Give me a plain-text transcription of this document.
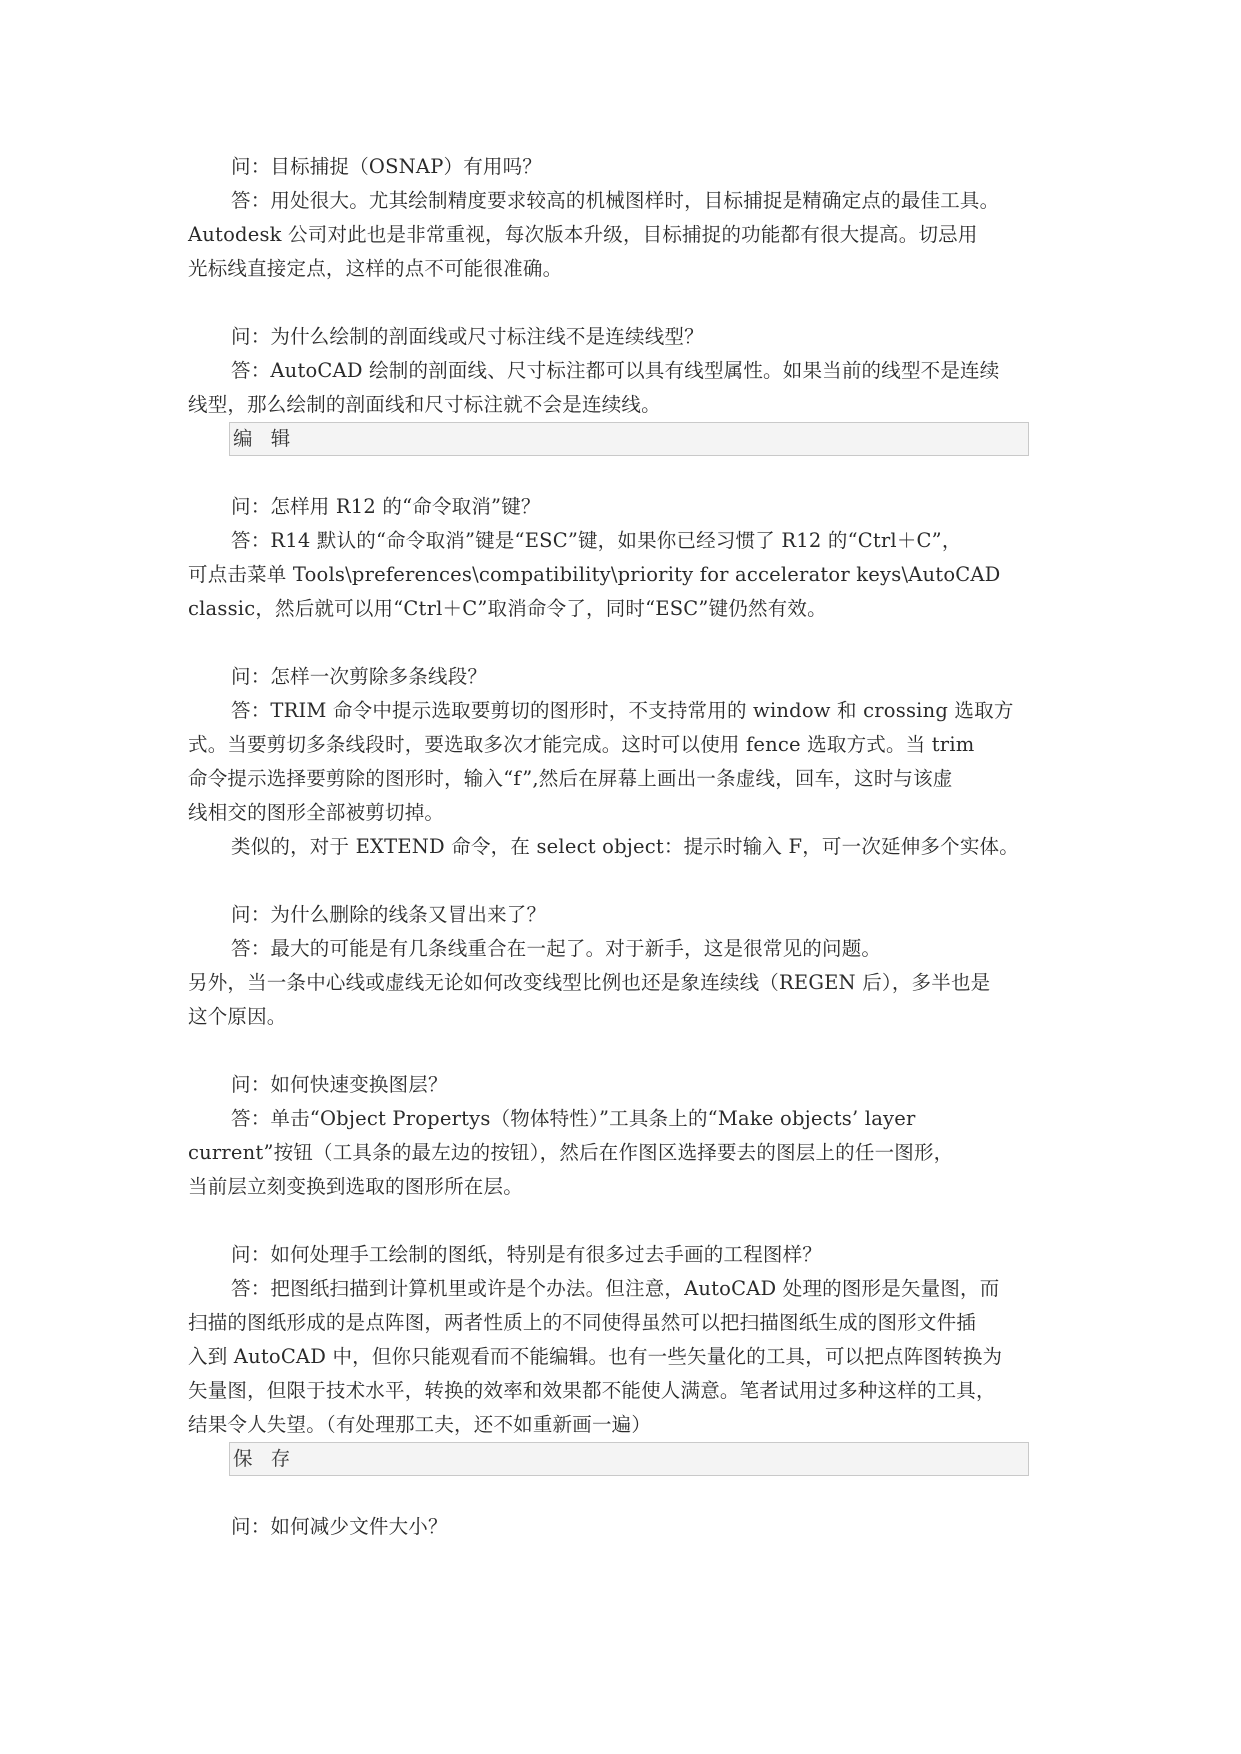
问：目标捕捉（OSNAP）有用吗？
答：用处很大。尤其绘制精度要求较高的机械图样时，目标捕捉是精确定点的最佳工具。
Autodesk 公司对此也是非常重视，每次版本升级，目标捕捉的功能都有很大提高。切忌用
光标线直接定点，这样的点不可能很准确。
问：为什么绘制的剖面线或尺寸标注线不是连续线型？
答：AutoCAD 绘制的剖面线、尺寸标注都可以具有线型属性。如果当前的线型不是连续
线型，那么绘制的剖面线和尺寸标注就不会是连续线。
编 辑
问：怎样用 R12 的“命令取消”键？
答：R14 默认的“命令取消”键是“ESC”键，如果你已经习惯了 R12 的“Ctrl＋C”，
可点击菜单 Tools\preferences\compatibility\priority for accelerator keys\AutoCAD
classic，然后就可以用“Ctrl＋C”取消命令了，同时“ESC”键仍然有效。
问：怎样一次剪除多条线段？
答：TRIM 命令中提示选取要剪切的图形时，不支持常用的 window 和 crossing 选取方
式。当要剪切多条线段时，要选取多次才能完成。这时可以使用 fence 选取方式。当 trim
命令提示选择要剪除的图形时，输入“f”,然后在屏幕上画出一条虚线，回车，这时与该虚
线相交的图形全部被剪切掉。
类似的，对于 EXTEND 命令，在 select object：提示时输入 F，可一次延伸多个实体。
问：为什么删除的线条又冒出来了？
答：最大的可能是有几条线重合在一起了。对于新手，这是很常见的问题。
另外，当一条中心线或虚线无论如何改变线型比例也还是象连续线（REGEN 后），多半也是
这个原因。
问：如何快速变换图层？
答：单击“Object Propertys（物体特性）”工具条上的“Make objects’ layer
current”按钮（工具条的最左边的按钮），然后在作图区选择要去的图层上的任一图形，
当前层立刻变换到选取的图形所在层。
问：如何处理手工绘制的图纸，特别是有很多过去手画的工程图样？
答：把图纸扫描到计算机里或许是个办法。但注意，AutoCAD 处理的图形是矢量图，而
扫描的图纸形成的是点阵图，两者性质上的不同使得虽然可以把扫描图纸生成的图形文件插
入到 AutoCAD 中，但你只能观看而不能编辑。也有一些矢量化的工具，可以把点阵图转换为
矢量图，但限于技术水平，转换的效率和效果都不能使人满意。笔者试用过多种这样的工具，
结果令人失望。（有处理那工夫，还不如重新画一遍）
保 存
问：如何减少文件大小？
